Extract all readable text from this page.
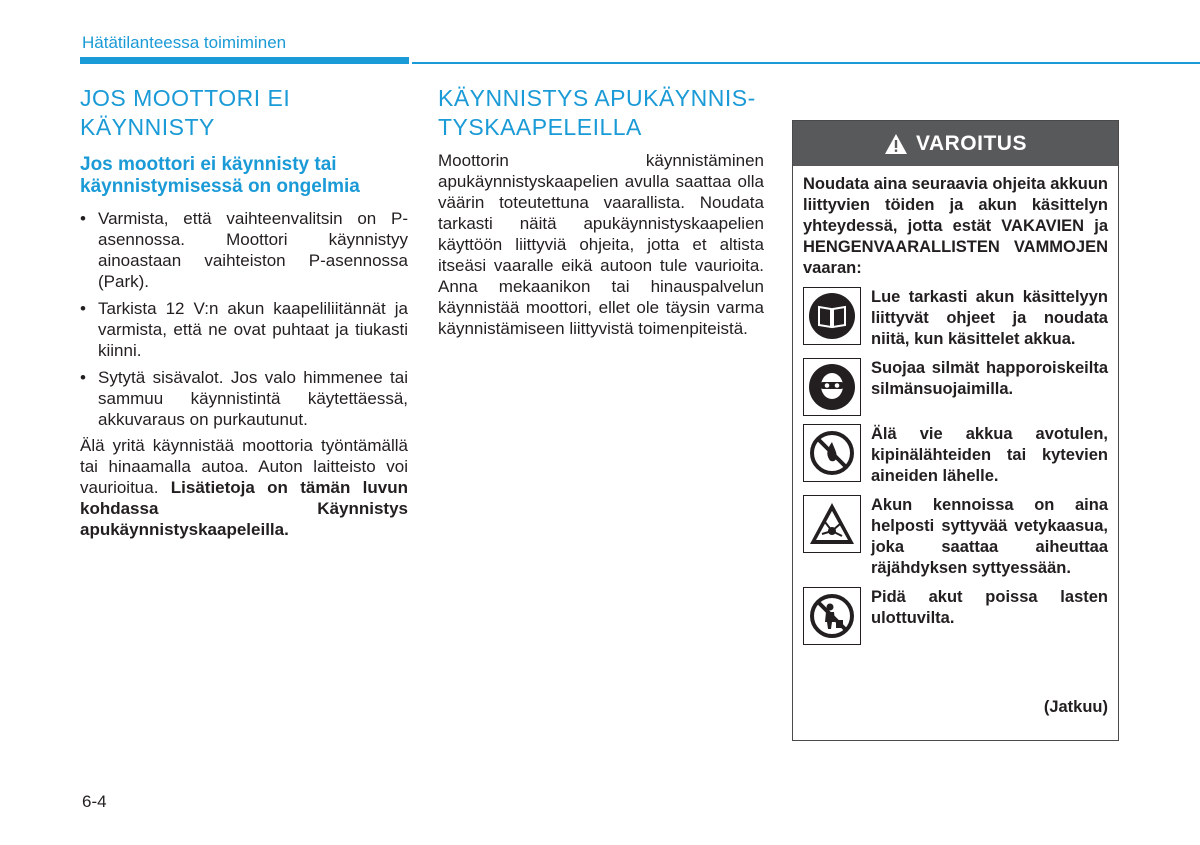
Hätätilanteessa toimiminen
JOS MOOTTORI EI
KÄYNNISTY
Jos moottori ei käynnisty tai käynnistymisessä on ongelmia
• Varmista, että vaihteenvalitsin on P-asennossa. Moottori käynnistyy ainoastaan vaihteiston P-asennossa (Park).
• Tarkista 12 V:n akun kaapeliliitännät ja varmista, että ne ovat puhtaat ja tiukasti kiinni.
• Sytytä sisävalot. Jos valo himmenee tai sammuu käynnistintä käytettäessä, akkuvaraus on purkautunut.

Älä yritä käynnistää moottoria työntämällä tai hinaamalla autoa. Auton laitteisto voi vaurioitua. Lisätietoja on tämän luvun kohdassa Käynnistys apukäynnistyskaapeleilla.

KÄYNNISTYS APUKÄYNNIS-
TYSKAAPELEILLA

Moottorin käynnistäminen apukäynnistyskaapelien avulla saattaa olla väärin toteutettuna vaarallista. Noudata tarkasti näitä apukäynnistyskaapelien käyttöön liittyviä ohjeita, jotta et altista itseäsi vaaralle eikä autoon tule vaurioita. Anna mekaanikon tai hinauspalvelun käynnistää moottori, ellet ole täysin varma käynnistämiseen liittyvistä toimenpiteistä.

VAROITUS
Noudata aina seuraavia ohjeita akkuun liittyvien töiden ja akun käsittelyn yhteydessä, jotta estät VAKAVIEN ja HENGENVAARALLISTEN VAMMOJEN vaaran:
Lue tarkasti akun käsittelyyn liittyvät ohjeet ja noudata niitä, kun käsittelet akkua.
Suojaa silmät happoroiskeilta silmänsuojaimilla.
Älä vie akkua avotulen, kipinälähteiden tai kytevien aineiden lähelle.
Akun kennoissa on aina helposti syttyvää vetykaasua, joka saattaa aiheuttaa räjähdyksen syttyessään.
Pidä akut poissa lasten ulottuvilta.
(Jatkuu)
6-4
